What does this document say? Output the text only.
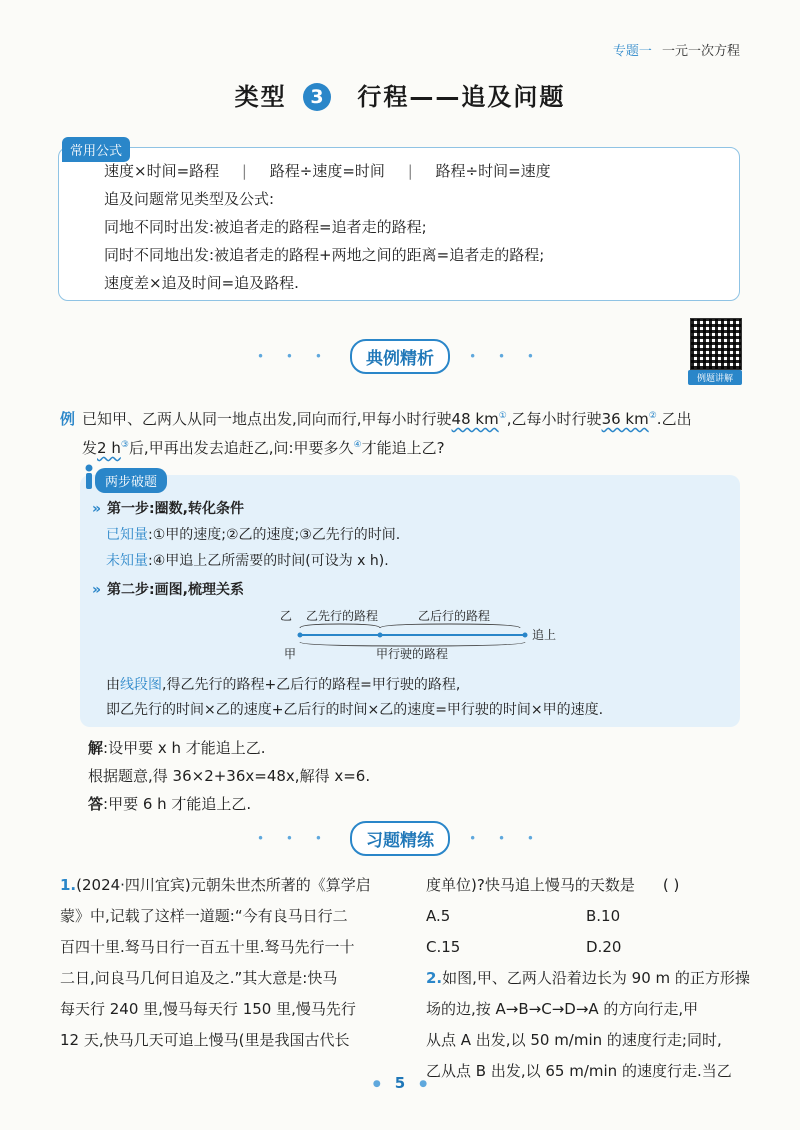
专题一 一元一次方程
类型 3 行程——追及问题
常用公式
速度×时间=路程 | 路程÷速度=时间 | 路程÷时间=速度
追及问题常见类型及公式:
同地不同时出发:被追者走的路程=追者走的路程;
同时不同地出发:被追者走的路程+两地之间的距离=追者走的路程;
速度差×追及时间=追及路程.
• • • 典例精析	• • •
例题讲解
例 已知甲、乙两人从同一地点出发,同向而行,甲每小时行驶48 km①,乙每小时行驶36 km②.乙出
发2 h③后,甲再出发去追赶乙,问:甲要多久④才能追上乙?
两步破题
» 第一步:圈数,转化条件
已知量:①甲的速度;②乙的速度;③乙先行的时间.
未知量:④甲追上乙所需要的时间(可设为 x h).
» 第二步:画图,梳理关系
乙 乙先行的路程	乙后行的路程
追上
甲	甲行驶的路程
由线段图,得乙先行的路程+乙后行的路程=甲行驶的路程,
即乙先行的时间×乙的速度+乙后行的时间×乙的速度=甲行驶的时间×甲的速度.
解:设甲要 x h 才能追上乙.
根据题意,得 36×2+36x=48x,解得 x=6.
答:甲要 6 h 才能追上乙.
• • • 习题精练	• • •
1.(2024·四川宜宾)元朝朱世杰所著的《算学启
蒙》中,记载了这样一道题:“今有良马日行二
百四十里.驽马日行一百五十里.驽马先行一十
二日,问良马几何日追及之.”其大意是:快马
每天行 240 里,慢马每天行 150 里,慢马先行
12 天,快马几天可追上慢马(里是我国古代长
度单位)?快马追上慢马的天数是 ( )
A.5	B.10
C.15	D.20
2.如图,甲、乙两人沿着边长为 90 m 的正方形操
场的边,按 A→B→C→D→A 的方向行走,甲
从点 A 出发,以 50 m/min 的速度行走;同时,
乙从点 B 出发,以 65 m/min 的速度行走.当乙
● 5 ●
